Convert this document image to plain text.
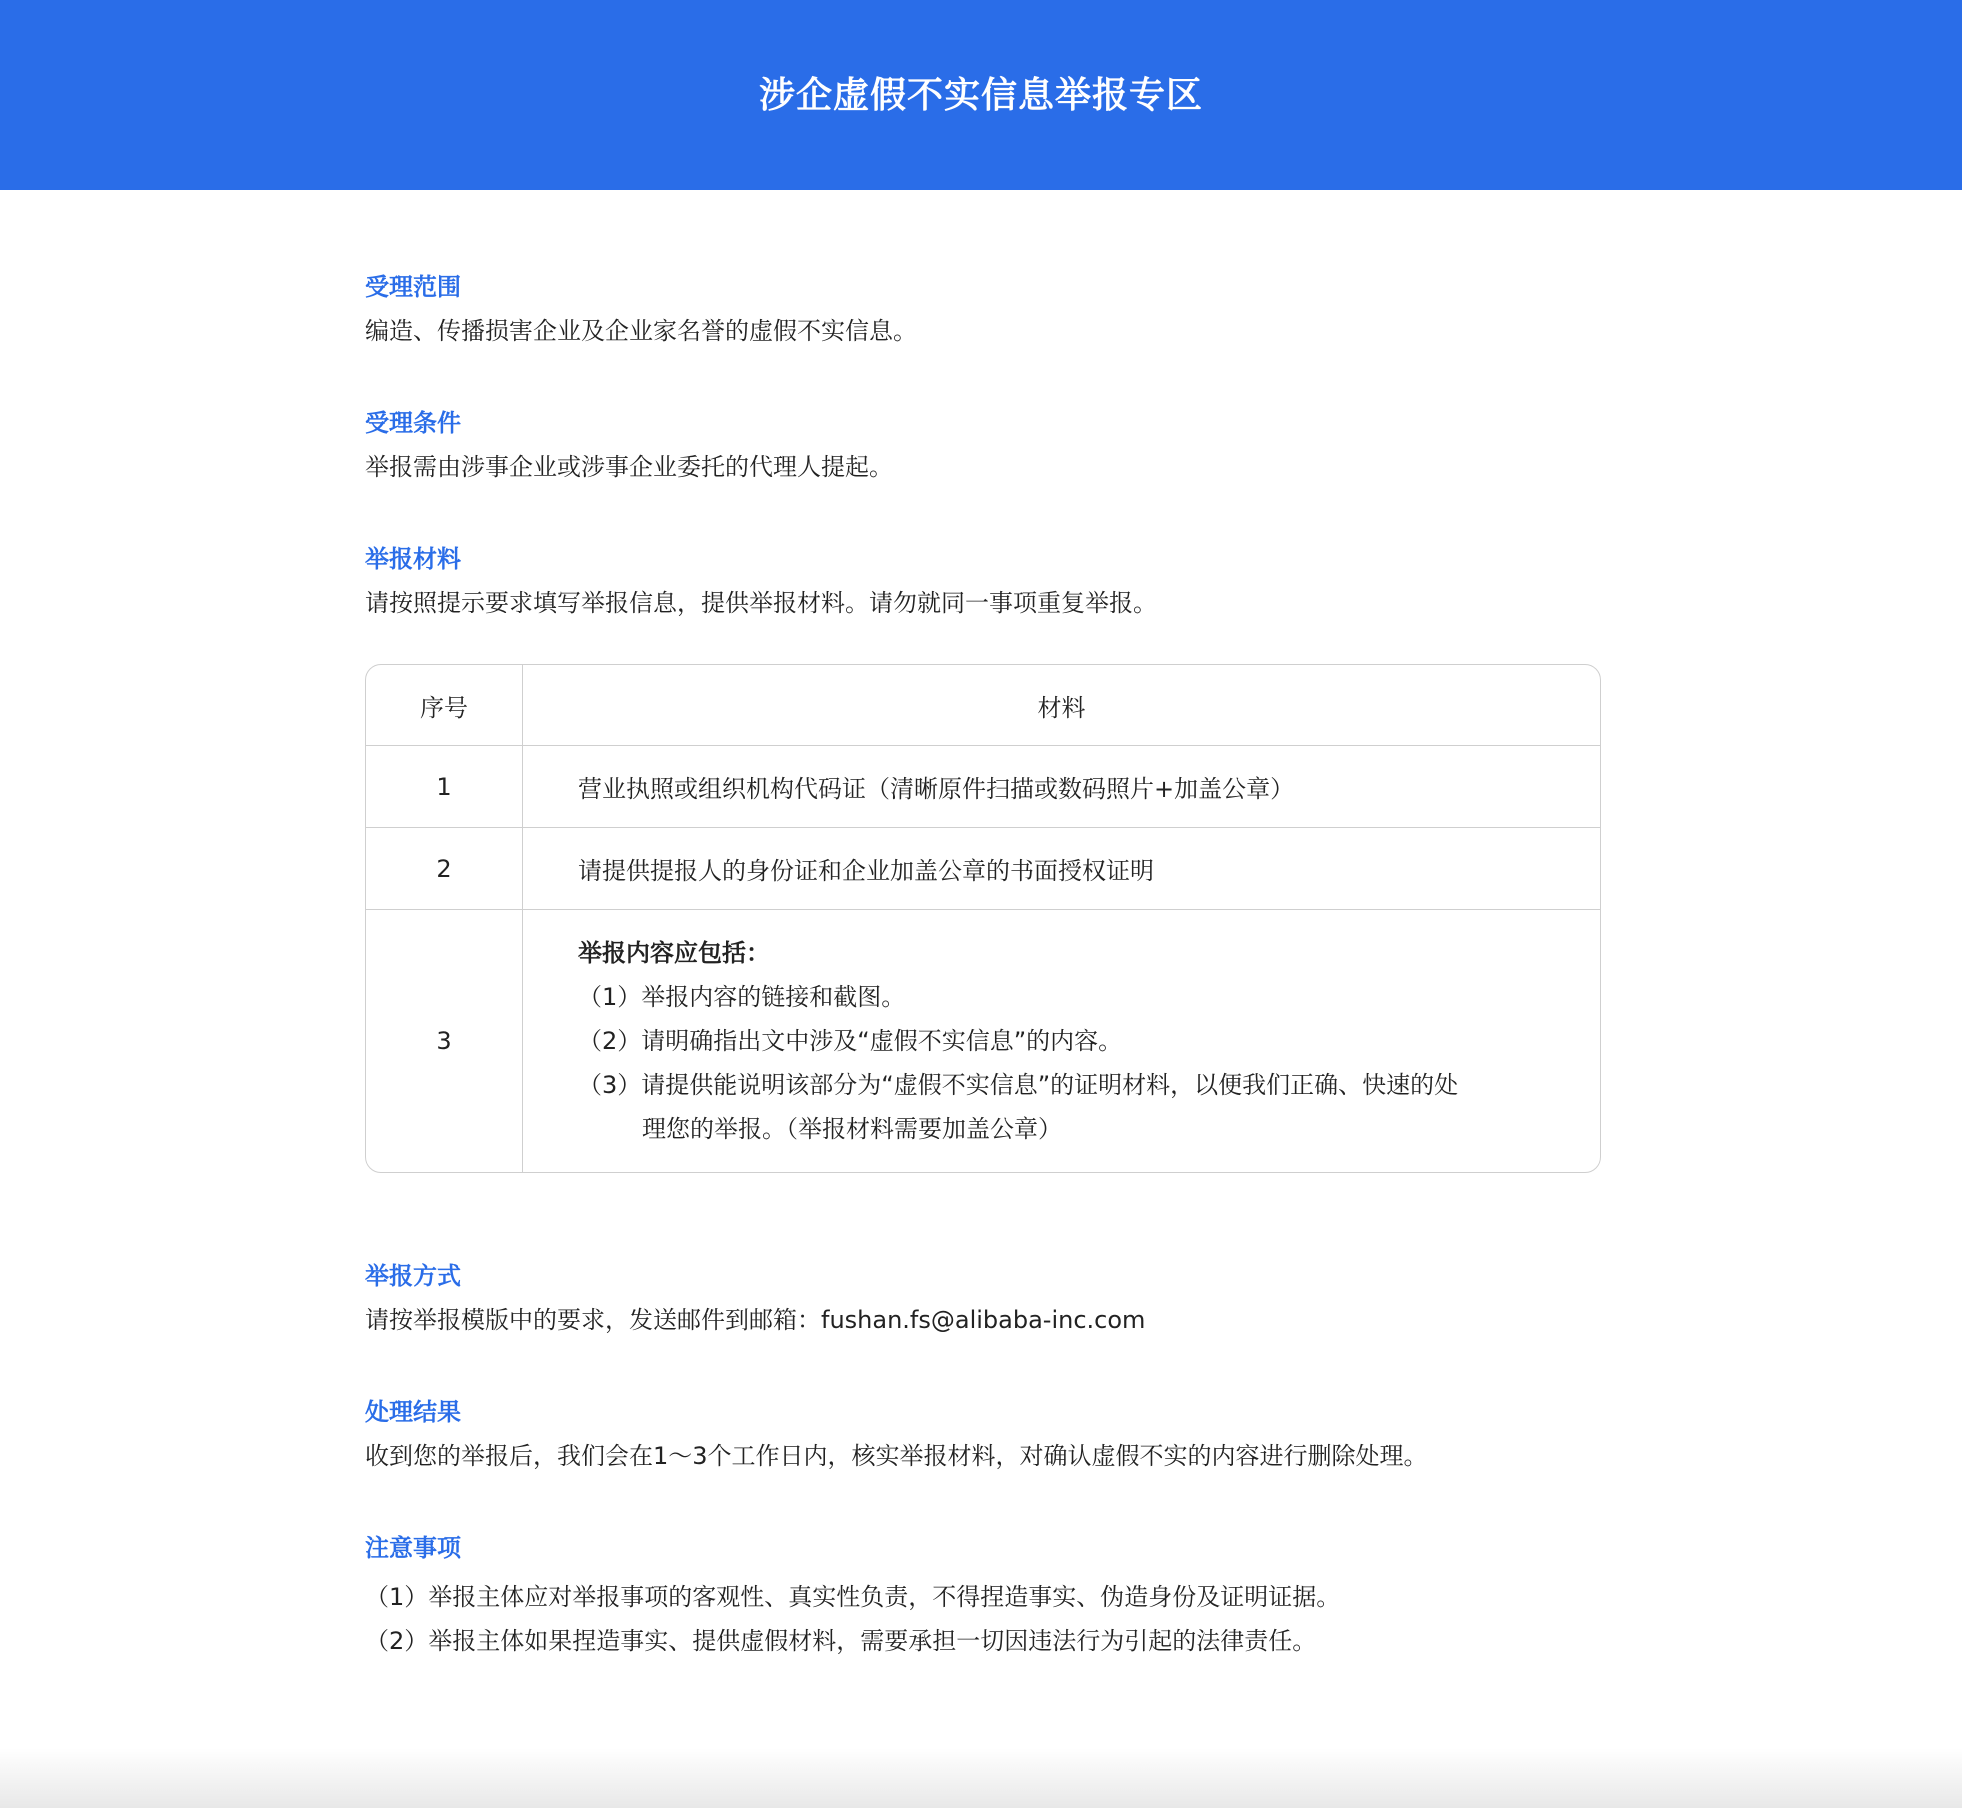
涉企虚假不实信息举报专区
受理范围

编造、传播损害企业及企业家名誉的虚假不实信息。

受理条件

举报需由涉事企业或涉事企业委托的代理人提起。

举报材料

请按照提示要求填写举报信息，提供举报材料。请勿就同一事项重复举报。

序号	材料
1	营业执照或组织机构代码证（清晰原件扫描或数码照片+加盖公章）
2	请提供提报人的身份证和企业加盖公章的书面授权证明
3	举报内容应包括：
（1）举报内容的链接和截图。
（2）请明确指出文中涉及“虚假不实信息”的内容。
（3）请提供能说明该部分为“虚假不实信息”的证明材料，以便我们正确、快速的处
理您的举报。（举报材料需要加盖公章）
举报方式

请按举报模版中的要求，发送邮件到邮箱：fushan.fs@alibaba-inc.com

处理结果

收到您的举报后，我们会在1～3个工作日内，核实举报材料，对确认虚假不实的内容进行删除处理。

注意事项
（1）举报主体应对举报事项的客观性、真实性负责，不得捏造事实、伪造身份及证明证据。
（2）举报主体如果捏造事实、提供虚假材料，需要承担一切因违法行为引起的法律责任。
